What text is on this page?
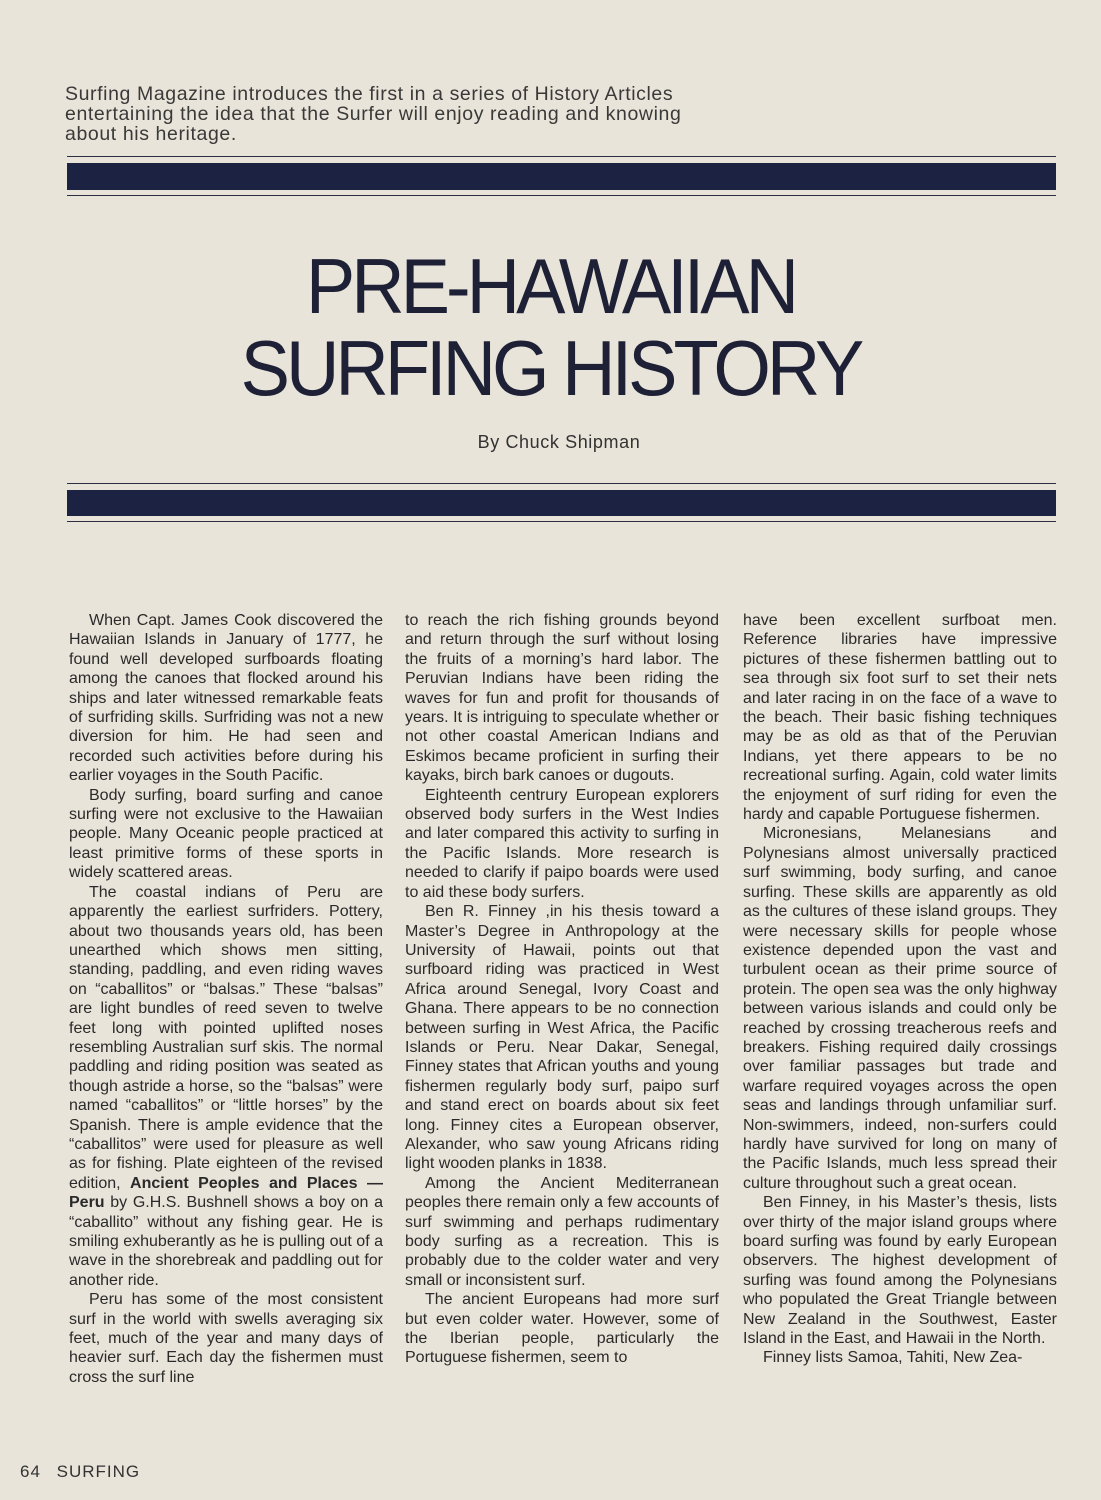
Surfing Magazine introduces the first in a series of History Articles entertaining the idea that the Surfer will enjoy reading and knowing about his heritage.

PRE-HAWAIIAN
SURFING HISTORY
By Chuck Shipman

When Capt. James Cook discovered the Hawaiian Islands in January of 1777, he found well developed surfboards floating among the canoes that flocked around his ships and later witnessed remarkable feats of surfriding skills. Surfriding was not a new diversion for him. He had seen and recorded such activities before during his earlier voyages in the South Pacific.

Body surfing, board surfing and canoe surfing were not exclusive to the Hawaiian people. Many Oceanic people practiced at least primitive forms of these sports in widely scattered areas.

The coastal indians of Peru are apparently the earliest surfriders. Pottery, about two thousands years old, has been unearthed which shows men sitting, standing, paddling, and even riding waves on “caballitos” or “balsas.” These “balsas” are light bundles of reed seven to twelve feet long with pointed uplifted noses resembling Australian surf skis. The normal paddling and riding position was seated as though astride a horse, so the “balsas” were named “caballitos” or “little horses” by the Spanish. There is ample evidence that the “caballitos” were used for pleasure as well as for fishing. Plate eighteen of the revised edition, Ancient Peoples and Places — Peru by G.H.S. Bushnell shows a boy on a “caballito” without any fishing gear. He is smiling exhuberantly as he is pulling out of a wave in the shorebreak and paddling out for another ride.

Peru has some of the most consistent surf in the world with swells averaging six feet, much of the year and many days of heavier surf. Each day the fishermen must cross the surf line

to reach the rich fishing grounds beyond and return through the surf without losing the fruits of a morning’s hard labor. The Peruvian Indians have been riding the waves for fun and profit for thousands of years. It is intriguing to speculate whether or not other coastal American Indians and Eskimos became proficient in surfing their kayaks, birch bark canoes or dugouts.

Eighteenth centrury European explorers observed body surfers in the West Indies and later compared this activity to surfing in the Pacific Islands. More research is needed to clarify if paipo boards were used to aid these body surfers.

Ben R. Finney ,in his thesis toward a Master’s Degree in Anthropology at the University of Hawaii, points out that surfboard riding was practiced in West Africa around Senegal, Ivory Coast and Ghana. There appears to be no connection between surfing in West Africa, the Pacific Islands or Peru. Near Dakar, Senegal, Finney states that African youths and young fishermen regularly body surf, paipo surf and stand erect on boards about six feet long. Finney cites a European observer, Alexander, who saw young Africans riding light wooden planks in 1838.

Among the Ancient Mediterranean peoples there remain only a few accounts of surf swimming and perhaps rudimentary body surfing as a recreation. This is probably due to the colder water and very small or inconsistent surf.

The ancient Europeans had more surf but even colder water. However, some of the Iberian people, particularly the Portuguese fishermen, seem to

have been excellent surfboat men. Reference libraries have impressive pictures of these fishermen battling out to sea through six foot surf to set their nets and later racing in on the face of a wave to the beach. Their basic fishing techniques may be as old as that of the Peruvian Indians, yet there appears to be no recreational surfing. Again, cold water limits the enjoyment of surf riding for even the hardy and capable Portuguese fishermen.

Micronesians, Melanesians and Polynesians almost universally practiced surf swimming, body surfing, and canoe surfing. These skills are apparently as old as the cultures of these island groups. They were necessary skills for people whose existence depended upon the vast and turbulent ocean as their prime source of protein. The open sea was the only highway between various islands and could only be reached by crossing treacherous reefs and breakers. Fishing required daily crossings over familiar passages but trade and warfare required voyages across the open seas and landings through unfamiliar surf. Non-swimmers, indeed, non-surfers could hardly have survived for long on many of the Pacific Islands, much less spread their culture throughout such a great ocean.

Ben Finney, in his Master’s thesis, lists over thirty of the major island groups where board surfing was found by early European observers. The highest development of surfing was found among the Polynesians who populated the Great Triangle between New Zealand in the Southwest, Easter Island in the East, and Hawaii in the North.

Finney lists Samoa, Tahiti, New Zea-

64 SURFING
